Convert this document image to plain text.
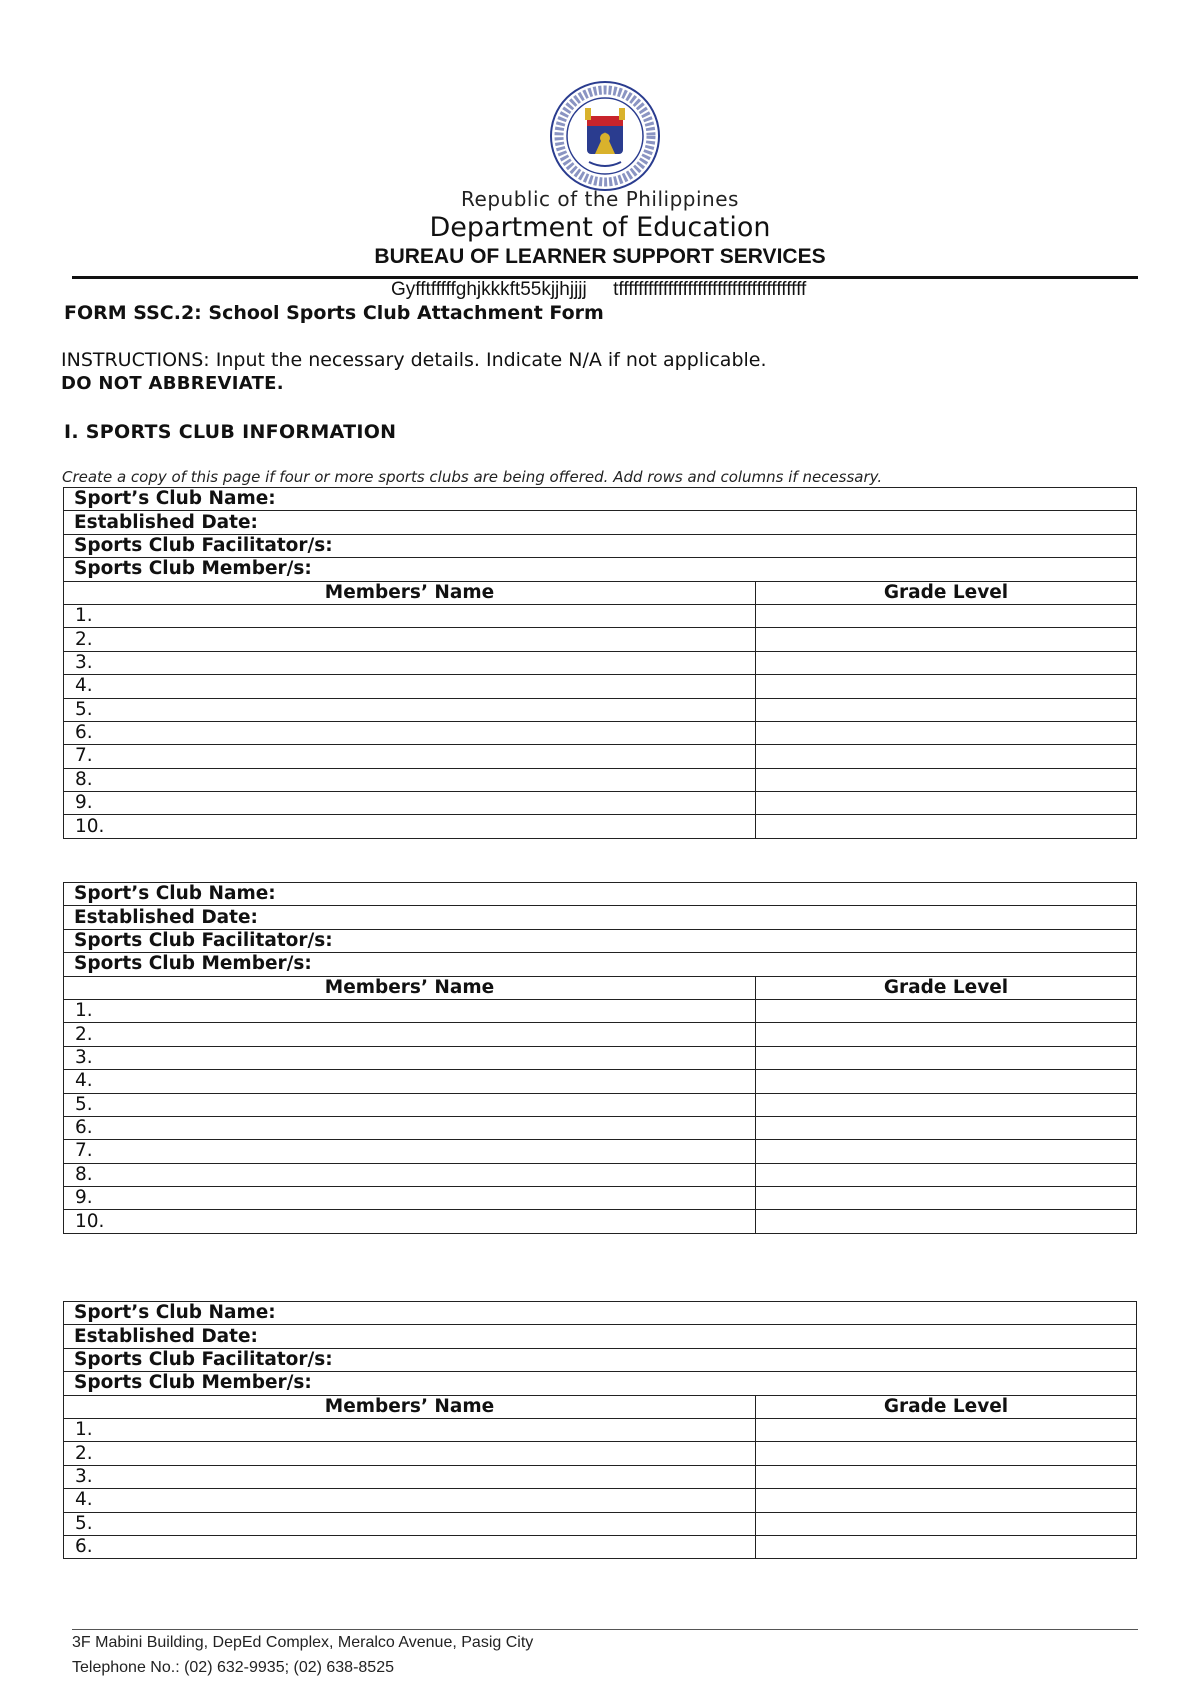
Republic of the Philippines
Department of Education
BUREAU OF LEARNER SUPPORT SERVICES
Gyfftfffffghjkkkft55kjjhjjjj     tffffffffffffffffffffffffffffffffffffff
FORM SSC.2: School Sports Club Attachment Form
INSTRUCTIONS: Input the necessary details. Indicate N/A if not applicable.
DO NOT ABBREVIATE.
I. SPORTS CLUB INFORMATION
Create a copy of this page if four or more sports clubs are being offered. Add rows and columns if necessary.
Sport’s Club Name:	
Established Date:	
Sports Club Facilitator/s:	
Sports Club Member/s:	
Members’ Name	Grade Level
1.	
2.	
3.	
4.	
5.	
6.	
7.	
8.	
9.	
10.	
Sport’s Club Name:	
Established Date:	
Sports Club Facilitator/s:	
Sports Club Member/s:	
Members’ Name	Grade Level
1.	
2.	
3.	
4.	
5.	
6.	
7.	
8.	
9.	
10.	
Sport’s Club Name:	
Established Date:	
Sports Club Facilitator/s:	
Sports Club Member/s:	
Members’ Name	Grade Level
1.	
2.	
3.	
4.	
5.	
6.	
3F Mabini Building, DepEd Complex, Meralco Avenue, Pasig City
Telephone No.: (02) 632-9935; (02) 638-8525
